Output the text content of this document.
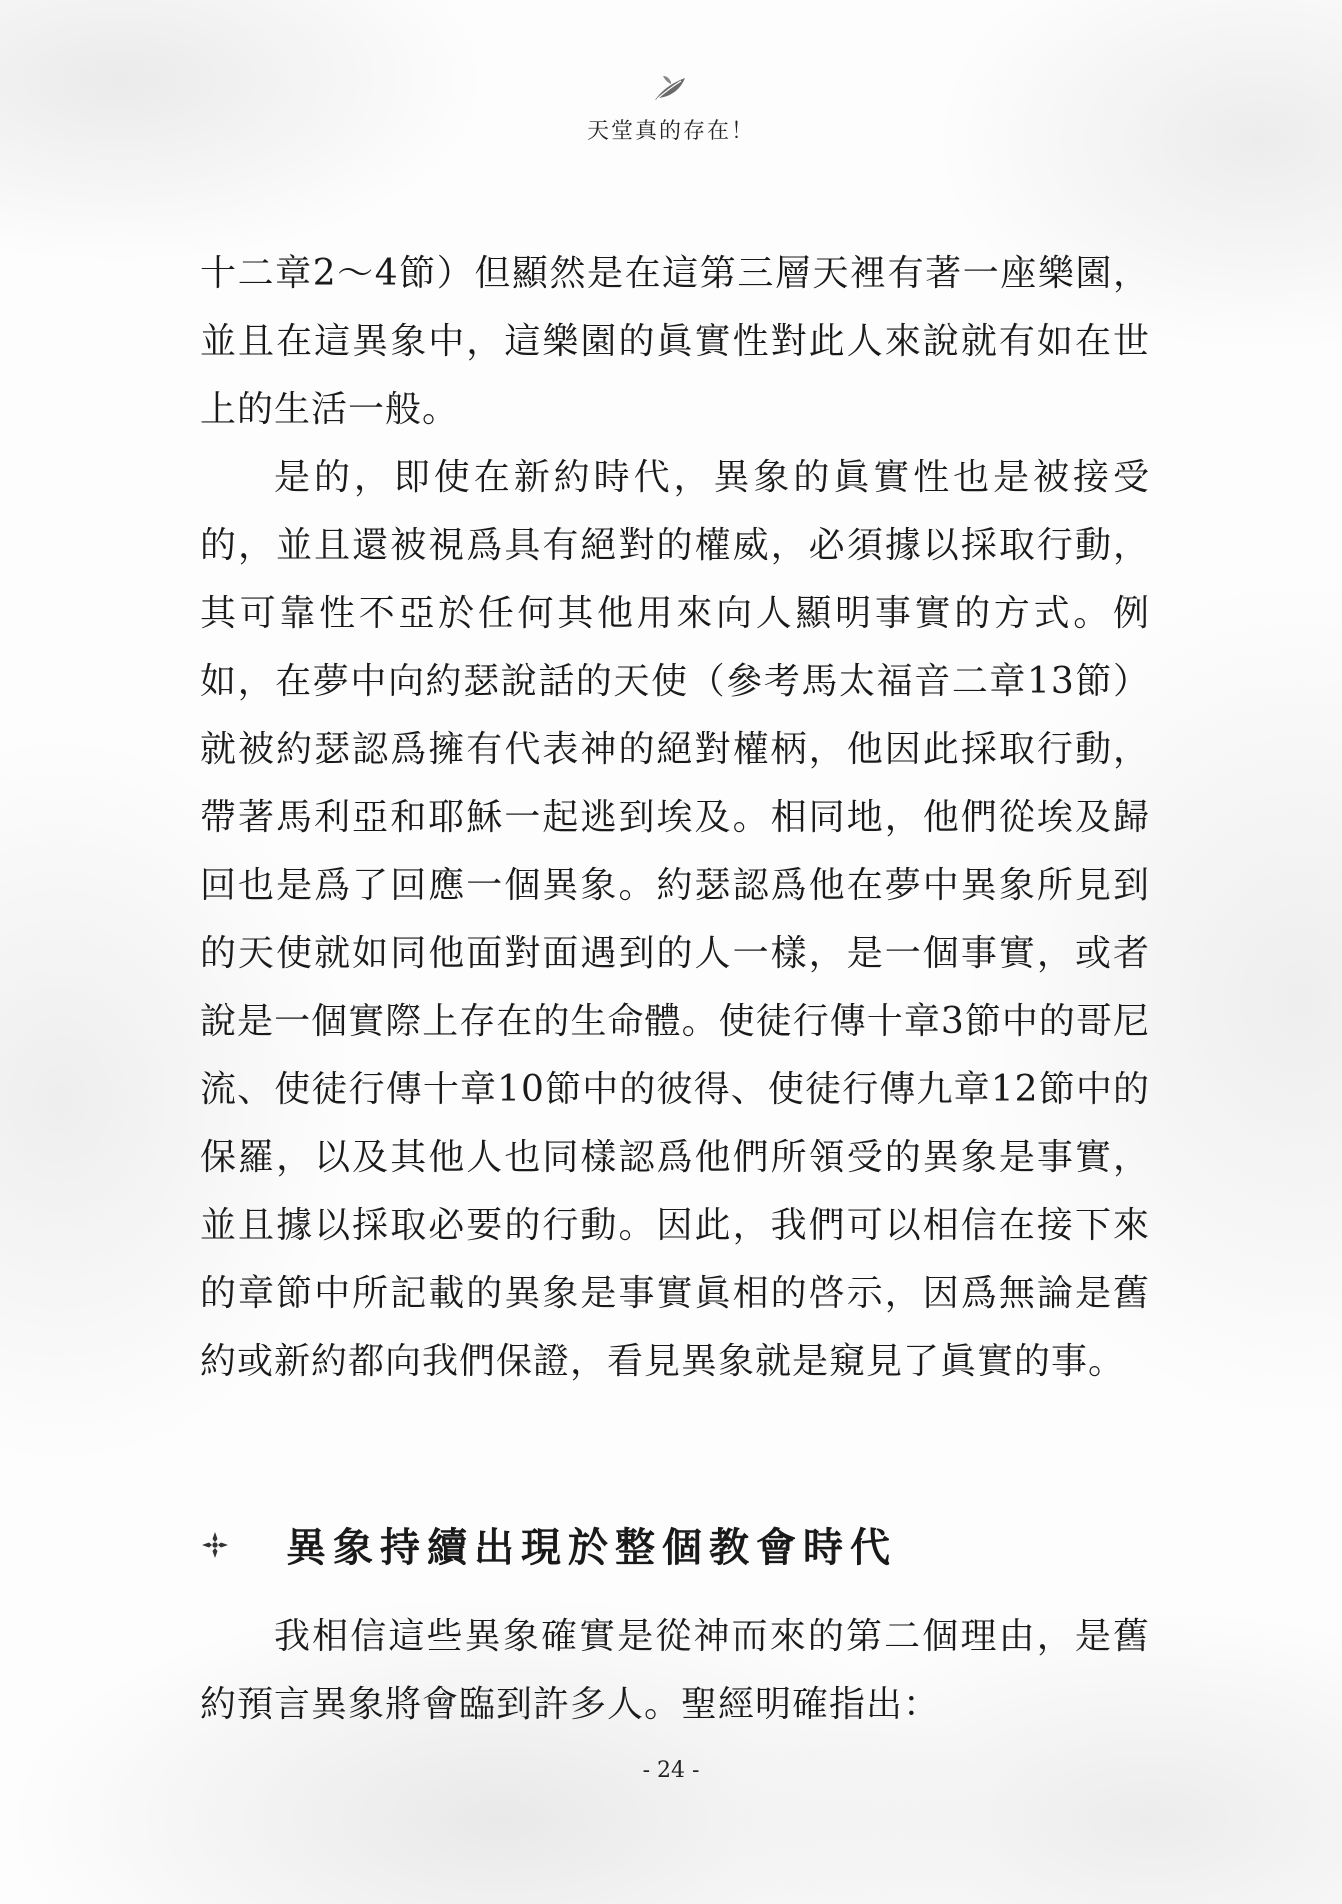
天堂真的存在！

十二章2～4節）但顯然是在這第三層天裡有著一座樂園，並且在這異象中，這樂園的眞實性對此人來說就有如在世上的生活一般。

是的，即使在新約時代，異象的眞實性也是被接受的，並且還被視爲具有絕對的權威，必須據以採取行動，其可靠性不亞於任何其他用來向人顯明事實的方式。例如，在夢中向約瑟說話的天使（參考馬太福音二章13節）就被約瑟認爲擁有代表神的絕對權柄，他因此採取行動，帶著馬利亞和耶穌一起逃到埃及。相同地，他們從埃及歸回也是爲了回應一個異象。約瑟認爲他在夢中異象所見到的天使就如同他面對面遇到的人一樣，是一個事實，或者說是一個實際上存在的生命體。使徒行傳十章3節中的哥尼流、使徒行傳十章10節中的彼得、使徒行傳九章12節中的保羅，以及其他人也同樣認爲他們所領受的異象是事實，並且據以採取必要的行動。因此，我們可以相信在接下來的章節中所記載的異象是事實眞相的啓示，因爲無論是舊約或新約都向我們保證，看見異象就是窺見了眞實的事。

異象持續出現於整個教會時代

我相信這些異象確實是從神而來的第二個理由，是舊約預言異象將會臨到許多人。聖經明確指出：

- 24 -
